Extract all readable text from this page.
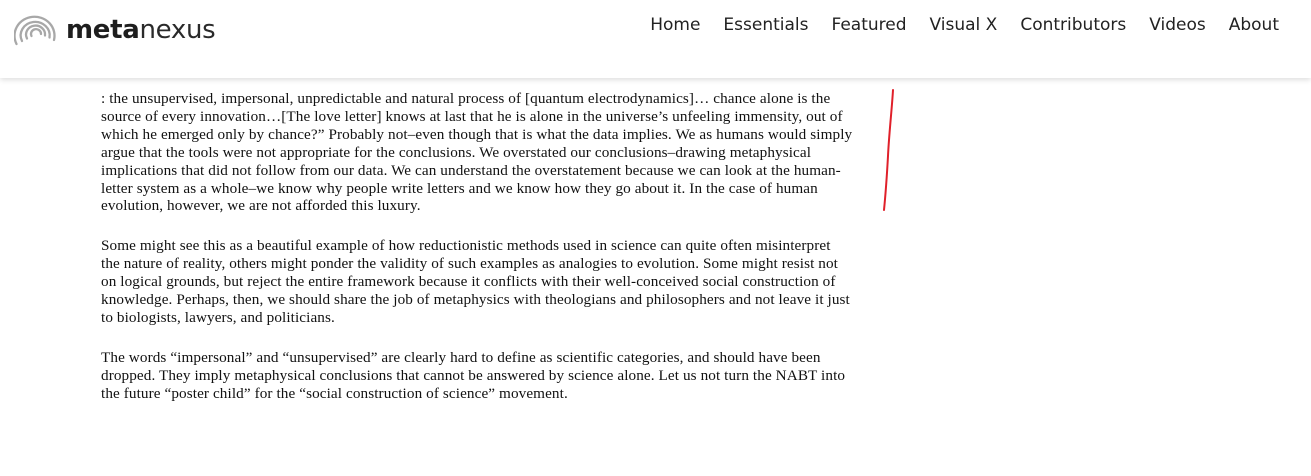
metanexus	Home Essentials Featured Visual X Contributors Videos About

: the unsupervised, impersonal, unpredictable and natural process of [quantum electrodynamics]… chance alone is the source of every innovation…[The love letter] knows at last that he is alone in the universe’s unfeeling immensity, out of which he emerged only by chance?” Probably not–even though that is what the data implies. We as humans would simply argue that the tools were not appropriate for the conclusions. We overstated our conclusions–drawing metaphysical implications that did not follow from our data. We can understand the overstatement because we can look at the human-letter system as a whole–we know why people write letters and we know how they go about it. In the case of human evolution, however, we are not afforded this luxury.

Some might see this as a beautiful example of how reductionistic methods used in science can quite often misinterpret the nature of reality, others might ponder the validity of such examples as analogies to evolution. Some might resist not on logical grounds, but reject the entire framework because it conflicts with their well-conceived social construction of knowledge. Perhaps, then, we should share the job of metaphysics with theologians and philosophers and not leave it just to biologists, lawyers, and politicians.

The words “impersonal” and “unsupervised” are clearly hard to define as scientific categories, and should have been dropped. They imply metaphysical conclusions that cannot be answered by science alone. Let us not turn the NABT into the future “poster child” for the “social construction of science” movement.
